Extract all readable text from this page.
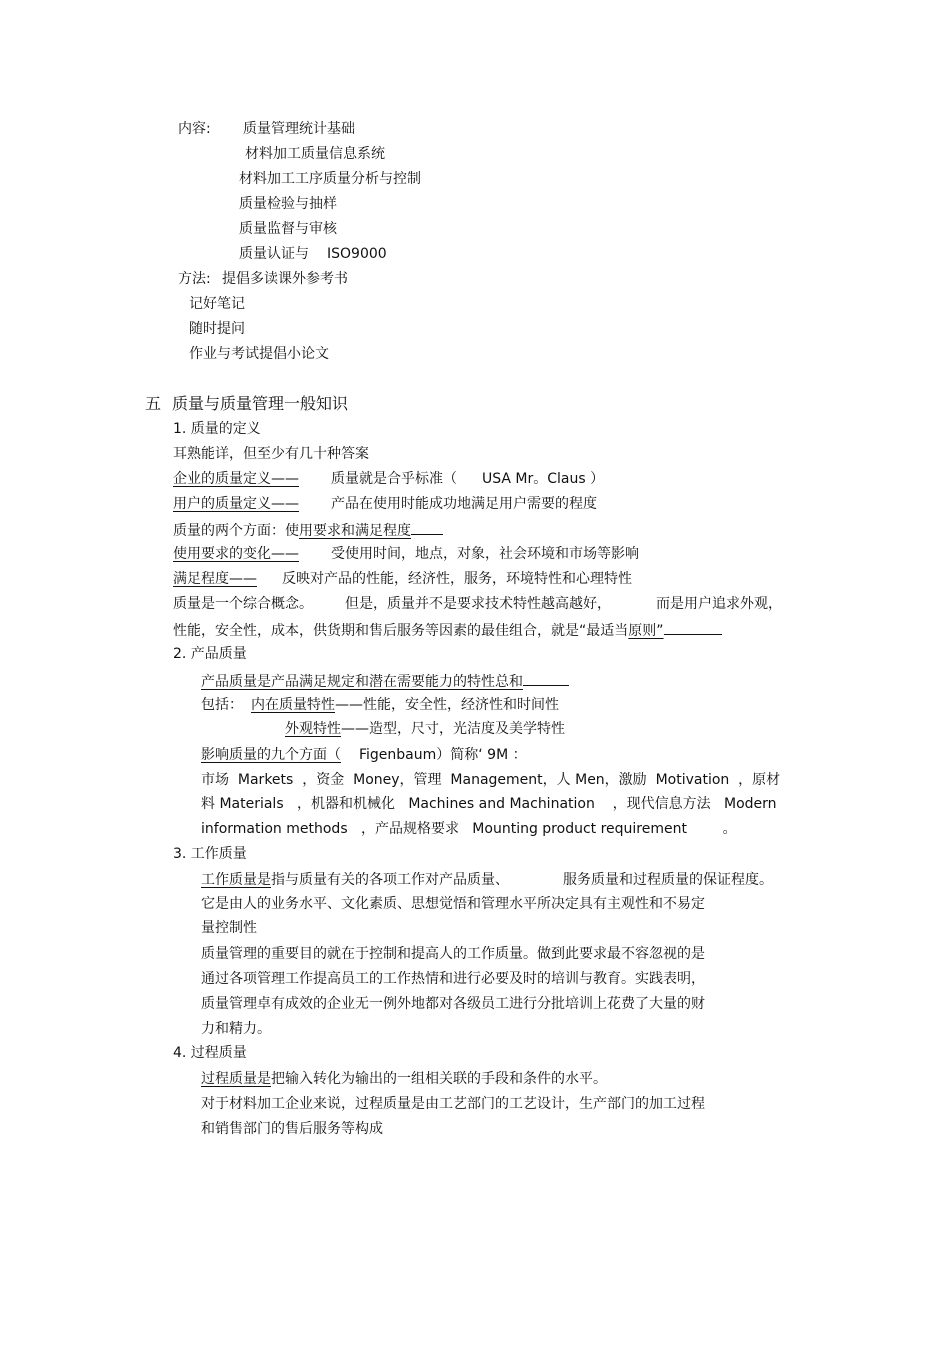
内容: 质量管理统计基础
材料加工质量信息系统
材料加工工序质量分析与控制
质量检验与抽样
质量监督与审核
质量认证与 ISO9000
方法: 提倡多读课外参考书
记好笔记
随时提问
作业与考试提倡小论文
五 质量与质量管理一般知识
1. 质量的定义
耳熟能详，但至少有几十种答案
企业的质量定义—— 质量就是合乎标准（ USA Mr。Claus ）
用户的质量定义—— 产品在使用时能成功地满足用户需要的程度
质量的两个方面：使用要求和满足程度
使用要求的变化—— 受使用时间，地点，对象，社会环境和市场等影响
满足程度—— 反映对产品的性能，经济性，服务，环境特性和心理特性
质量是一个综合概念。 但是，质量并不是要求技术特性越高越好，	而是用户追求外观，
性能，安全性，成本，供货期和售后服务等因素的最佳组合，就是“最适当原则”
2. 产品质量
产品质量是产品满足规定和潜在需要能力的特性总和
包括： 内在质量特性——性能，安全性，经济性和时间性
外观特性——造型，尺寸，光洁度及美学特性
影响质量的九个方面（ Figenbaum）简称‘ 9M ：
市场  Markets  ，资金  Money，管理  Management，人 Men，激励  Motivation  ，原材
料 Materials   ，机器和机械化   Machines and Machination    ，现代信息方法   Modern
information methods   ，产品规格要求   Mounting product requirement        。
3. 工作质量
工作质量是指与质量有关的各项工作对产品质量、	服务质量和过程质量的保证程度。
它是由人的业务水平、文化素质、思想觉悟和管理水平所决定具有主观性和不易定
量控制性
质量管理的重要目的就在于控制和提高人的工作质量。做到此要求最不容忽视的是
通过各项管理工作提高员工的工作热情和进行必要及时的培训与教育。实践表明，
质量管理卓有成效的企业无一例外地都对各级员工进行分批培训上花费了大量的财
力和精力。
4. 过程质量
过程质量是把输入转化为输出的一组相关联的手段和条件的水平。
对于材料加工企业来说，过程质量是由工艺部门的工艺设计，生产部门的加工过程
和销售部门的售后服务等构成
